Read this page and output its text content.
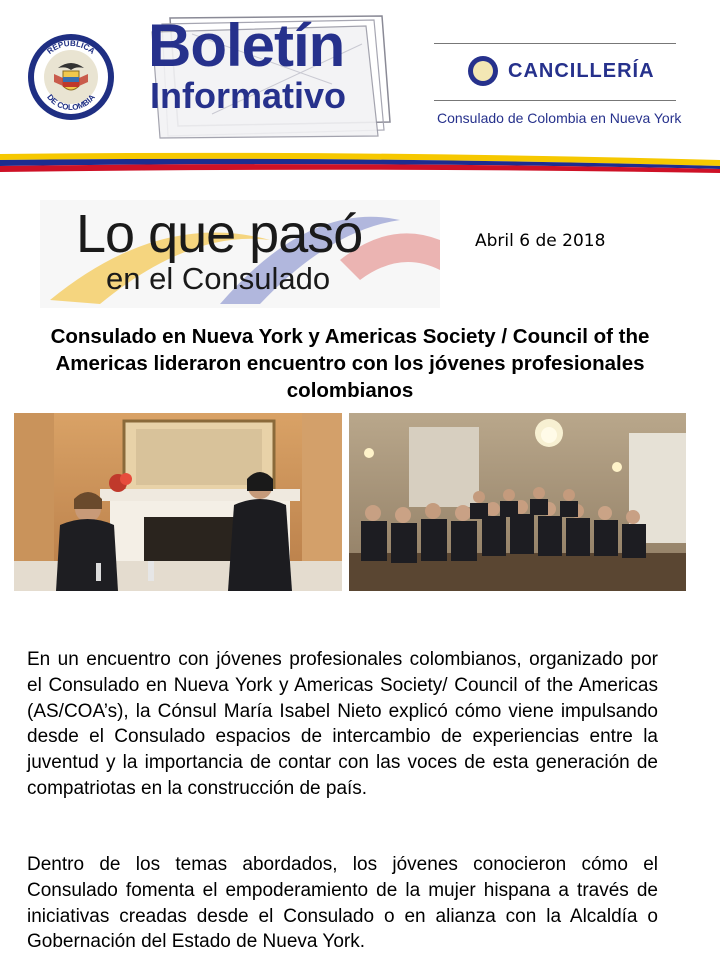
REPÚBLICA
DE COLOMBIA
Boletín
Informativo
CANCILLERÍA
Consulado de Colombia en Nueva York
Lo que pasó
en el Consulado
Abril 6 de 2018
Consulado en Nueva York y Americas Society / Council of the Americas lideraron encuentro con los jóvenes profesionales colombianos

En un encuentro con jóvenes profesionales colombianos, organizado por el Consulado en Nueva York y Americas Society/ Council of the Americas (AS/COA’s), la Cónsul María Isabel Nieto explicó cómo viene impulsando desde el Consulado espacios de intercambio de experiencias entre la juventud y la importancia de contar con las voces de esta generación de compatriotas en la construcción de país.

Dentro de los temas abordados, los jóvenes conocieron cómo el Consulado fomenta el empoderamiento de la mujer hispana a través de iniciativas creadas desde el Consulado o en alianza con la Alcaldía o Gobernación del Estado de Nueva York.
